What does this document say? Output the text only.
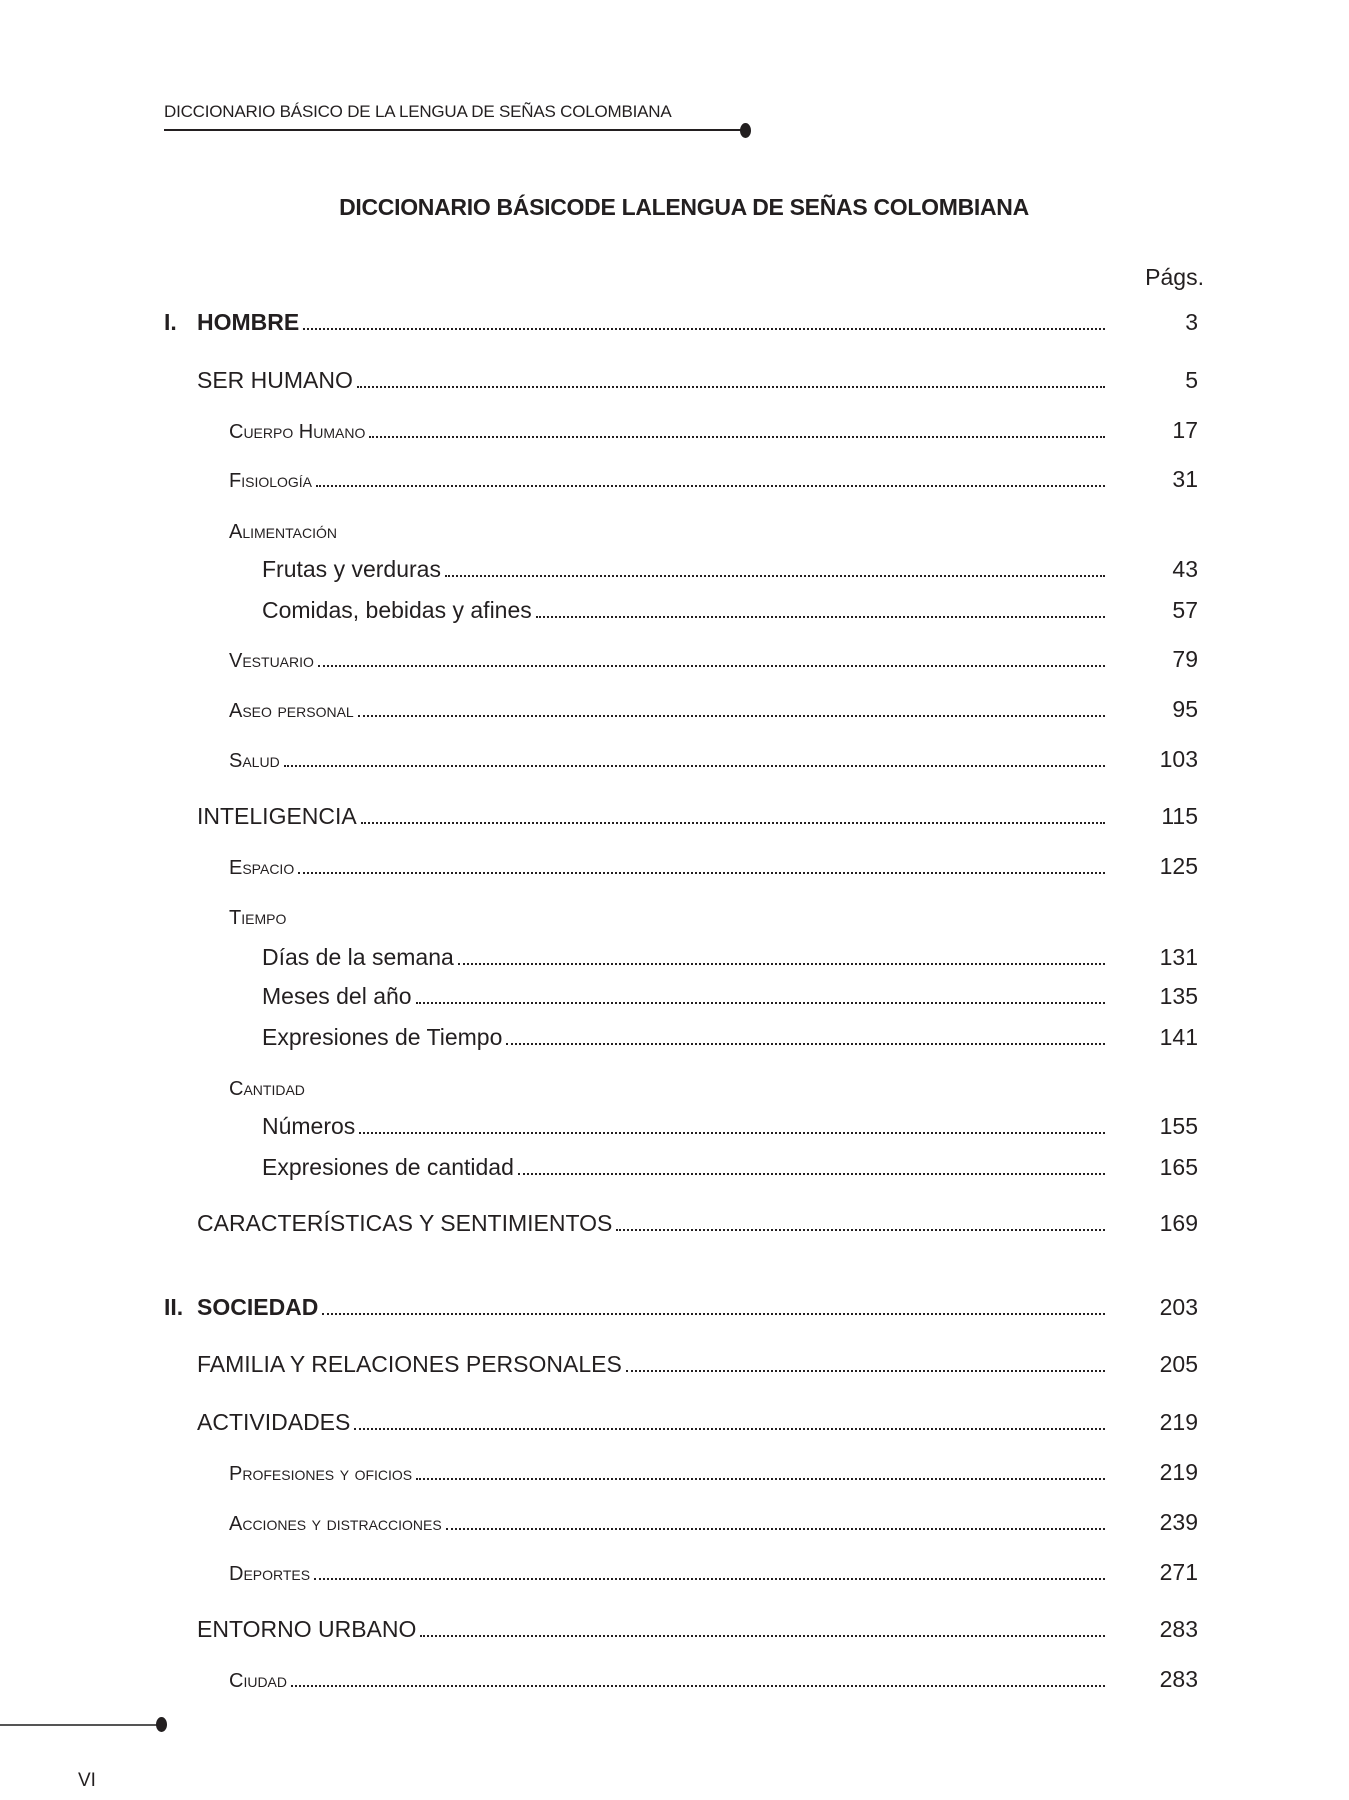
DICCIONARIO BÁSICO DE LA LENGUA DE SEÑAS COLOMBIANA
DICCIONARIO BÁSICODE LALENGUA DE SEÑAS COLOMBIANA
Págs.
3
I. HOMBRE
5
SER HUMANO
17
Cuerpo Humano
31
Fisiología
Alimentación
43
Frutas y verduras
57
Comidas, bebidas y afines
79
Vestuario
95
Aseo personal
103
Salud
115
INTELIGENCIA
125
Espacio
Tiempo
131
Días de la semana
135
Meses del año
141
Expresiones de Tiempo
Cantidad
155
Números
165
Expresiones de cantidad
169
CARACTERÍSTICAS Y SENTIMIENTOS
203
II. SOCIEDAD
205
FAMILIA Y RELACIONES PERSONALES
219
ACTIVIDADES
219
Profesiones y oficios
239
Acciones y distracciones
271
Deportes
283
ENTORNO URBANO
283
Ciudad
VI
